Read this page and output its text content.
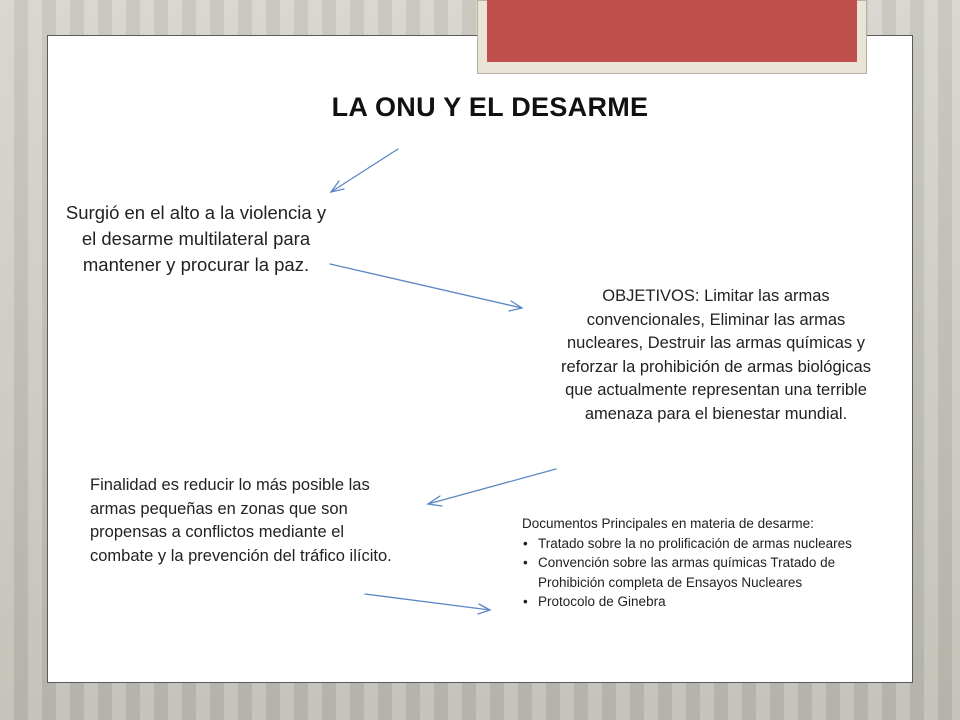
LA ONU Y EL DESARME
Surgió en el alto a la violencia y el desarme multilateral para mantener y procurar la paz.
OBJETIVOS: Limitar las armas convencionales, Eliminar las armas nucleares, Destruir las armas químicas y reforzar la prohibición de armas biológicas que actualmente representan una terrible amenaza para el bienestar mundial.
Finalidad es reducir lo más posible las armas pequeñas en zonas que son propensas a conflictos mediante el combate y la prevención del tráfico ilícito.
Documentos Principales en materia de desarme:
• Tratado sobre la no prolificación de armas nucleares
• Convención sobre las armas químicas Tratado de Prohibición completa de Ensayos Nucleares
• Protocolo de Ginebra
